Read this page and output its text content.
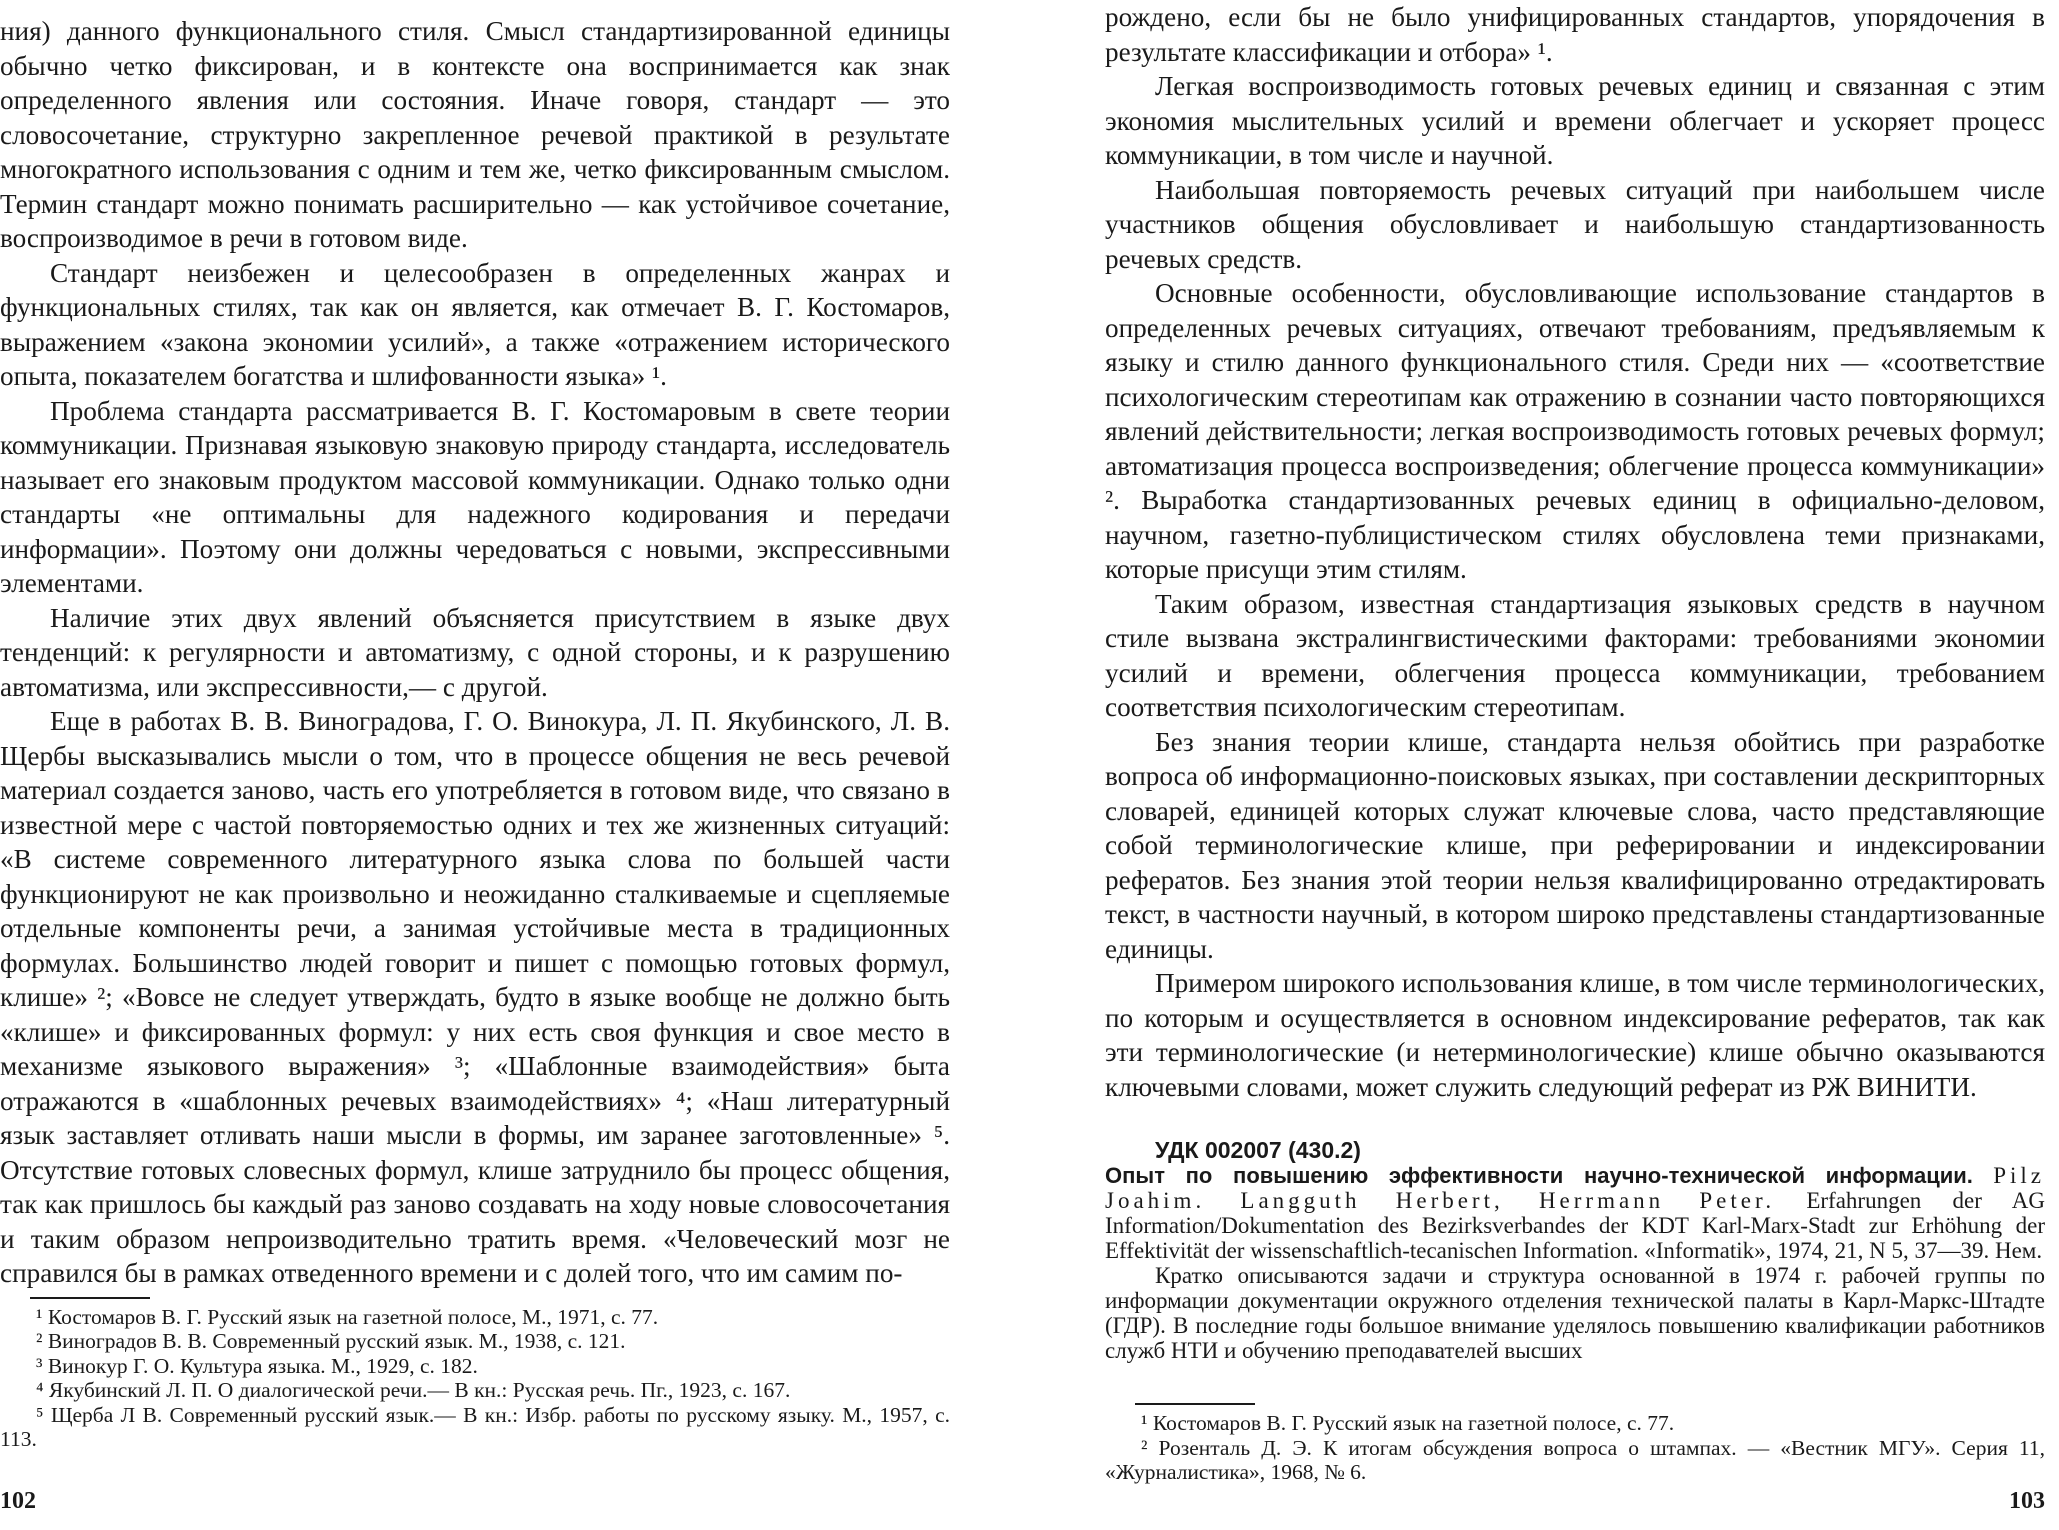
ния) данного функционального стиля. Смысл стандартизированной единицы обычно четко фиксирован, и в контексте она воспринимается как знак определенного явления или состояния. Иначе говоря, стандарт — это словосочетание, структурно закрепленное речевой практикой в результате многократного использования с одним и тем же, четко фиксированным смыслом. Термин стандарт можно понимать расширительно — как устойчивое сочетание, воспроизводимое в речи в готовом виде.

Стандарт неизбежен и целесообразен в определенных жанрах и функциональных стилях, так как он является, как отмечает В. Г. Костомаров, выражением «закона экономии усилий», а также «отражением исторического опыта, показателем богатства и шлифованности языка» ¹.

Проблема стандарта рассматривается В. Г. Костомаровым в свете теории коммуникации. Признавая языковую знаковую природу стандарта, исследователь называет его знаковым продуктом массовой коммуникации. Однако только одни стандарты «не оптимальны для надежного кодирования и передачи информации». Поэтому они должны чередоваться с новыми, экспрессивными элементами.

Наличие этих двух явлений объясняется присутствием в языке двух тенденций: к регулярности и автоматизму, с одной стороны, и к разрушению автоматизма, или экспрессивности,— с другой.

Еще в работах В. В. Виноградова, Г. О. Винокура, Л. П. Якубинского, Л. В. Щербы высказывались мысли о том, что в процессе общения не весь речевой материал создается заново, часть его употребляется в готовом виде, что связано в известной мере с частой повторяемостью одних и тех же жизненных ситуаций: «В системе современного литературного языка слова по большей части функционируют не как произвольно и неожиданно сталкиваемые и сцепляемые отдельные компоненты речи, а занимая устойчивые места в традиционных формулах. Большинство людей говорит и пишет с помощью готовых формул, клише» ²; «Вовсе не следует утверждать, будто в языке вообще не должно быть «клише» и фиксированных формул: у них есть своя функция и свое место в механизме языкового выражения» ³; «Шаблонные взаимодействия» быта отражаются в «шаблонных речевых взаимодействиях» ⁴; «Наш литературный язык заставляет отливать наши мысли в формы, им заранее заготовленные» ⁵. Отсутствие готовых словесных формул, клише затруднило бы процесс общения, так как пришлось бы каждый раз заново создавать на ходу новые словосочетания и таким образом непроизводительно тратить время. «Человеческий мозг не справился бы в рамках отведенного времени и с долей того, что им самим по-

¹ Костомаров В. Г. Русский язык на газетной полосе, М., 1971, с. 77.

² Виноградов В. В. Современный русский язык. М., 1938, с. 121.

³ Винокур Г. О. Культура языка. М., 1929, с. 182.

⁴ Якубинский Л. П. О диалогической речи.— В кн.: Русская речь. Пг., 1923, с. 167.

⁵ Щерба Л В. Современный русский язык.— В кн.: Избр. работы по русскому языку. М., 1957, с. 113.

102

рождено, если бы не было унифицированных стандартов, упорядочения в результате классификации и отбора» ¹.

Легкая воспроизводимость готовых речевых единиц и связанная с этим экономия мыслительных усилий и времени облегчает и ускоряет процесс коммуникации, в том числе и научной.

Наибольшая повторяемость речевых ситуаций при наибольшем числе участников общения обусловливает и наибольшую стандартизованность речевых средств.

Основные особенности, обусловливающие использование стандартов в определенных речевых ситуациях, отвечают требованиям, предъявляемым к языку и стилю данного функционального стиля. Среди них — «соответствие психологическим стереотипам как отражению в сознании часто повторяющихся явлений действительности; легкая воспроизводимость готовых речевых формул; автоматизация процесса воспроизведения; облегчение процесса коммуникации» ². Выработка стандартизованных речевых единиц в официально-деловом, научном, газетно-публицистическом стилях обусловлена теми признаками, которые присущи этим стилям.

Таким образом, известная стандартизация языковых средств в научном стиле вызвана экстралингвистическими факторами: требованиями экономии усилий и времени, облегчения процесса коммуникации, требованием соответствия психологическим стереотипам.

Без знания теории клише, стандарта нельзя обойтись при разработке вопроса об информационно-поисковых языках, при составлении дескрипторных словарей, единицей которых служат ключевые слова, часто представляющие собой терминологические клише, при реферировании и индексировании рефератов. Без знания этой теории нельзя квалифицированно отредактировать текст, в частности научный, в котором широко представлены стандартизованные единицы.

Примером широкого использования клише, в том числе терминологических, по которым и осуществляется в основном индексирование рефератов, так как эти терминологические (и нетерминологические) клише обычно оказываются ключевыми словами, может служить следующий реферат из РЖ ВИНИТИ.

УДК 002007 (430.2)

Опыт по повышению эффективности научно-технической информации. Pilz Joahim. Langguth Herbert, Herrmann Peter. Erfahrungen der AG Information/Dokumentation des Bezirksverbandes der KDT Karl-Marx-Stadt zur Erhöhung der Effektivität der wissenschaftlich-tecanischen Information. «Informatik», 1974, 21, N 5, 37—39. Нем.

Кратко описываются задачи и структура основанной в 1974 г. рабочей группы по информации документации окружного отделения технической палаты в Карл-Маркс-Штадте (ГДР). В последние годы большое внимание уделялось повышению квалификации работников служб НТИ и обучению преподавателей высших

¹ Костомаров В. Г. Русский язык на газетной полосе, с. 77.

² Розенталь Д. Э. К итогам обсуждения вопроса о штампах. — «Вестник МГУ». Серия 11, «Журналистика», 1968, № 6.

103
